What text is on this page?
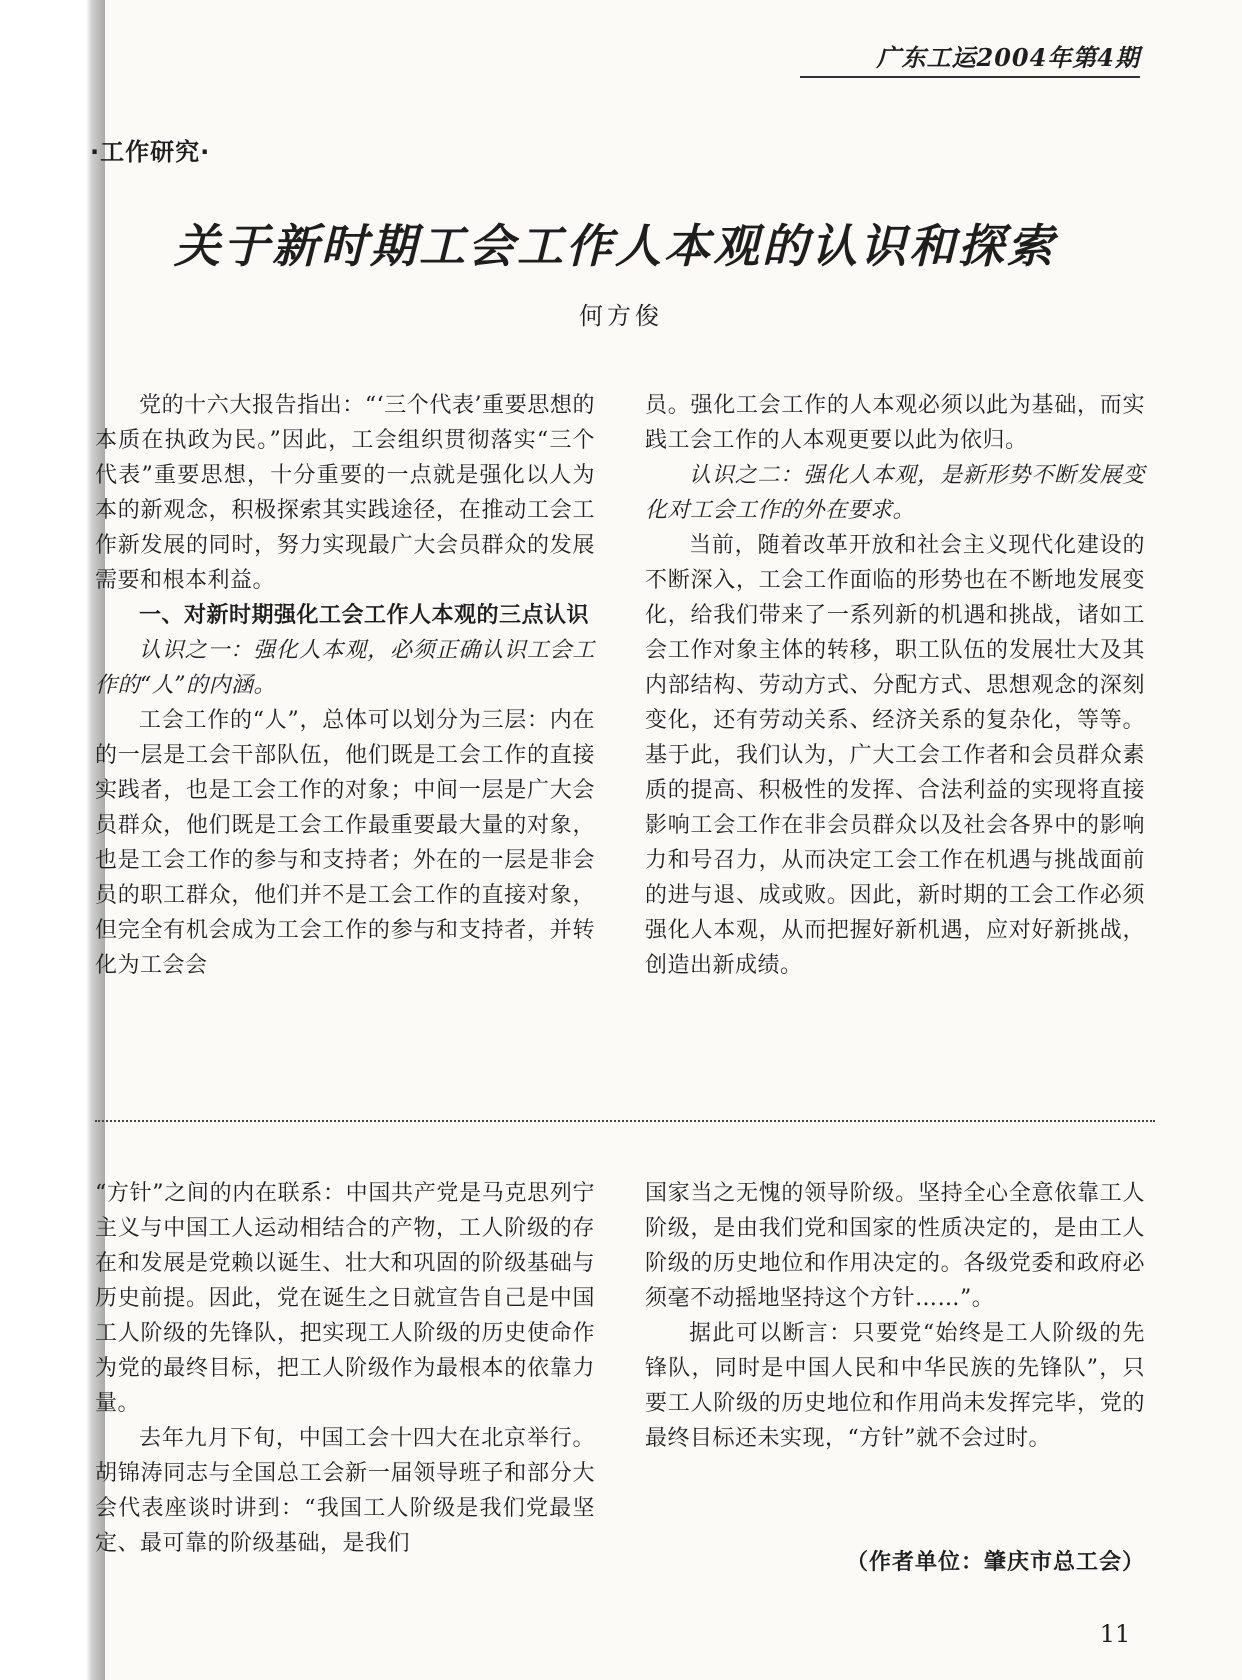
广东工运2004年第4期
·工作研究·
关于新时期工会工作人本观的认识和探索
何方俊

党的十六大报告指出：“‘三个代表’重要思想的本质在执政为民。”因此，工会组织贯彻落实“三个代表”重要思想，十分重要的一点就是强化以人为本的新观念，积极探索其实践途径，在推动工会工作新发展的同时，努力实现最广大会员群众的发展需要和根本利益。

一、对新时期强化工会工作人本观的三点认识

认识之一：强化人本观，必须正确认识工会工作的“人”的内涵。

工会工作的“人”，总体可以划分为三层：内在的一层是工会干部队伍，他们既是工会工作的直接实践者，也是工会工作的对象；中间一层是广大会员群众，他们既是工会工作最重要最大量的对象，也是工会工作的参与和支持者；外在的一层是非会员的职工群众，他们并不是工会工作的直接对象，但完全有机会成为工会工作的参与和支持者，并转化为工会会

员。强化工会工作的人本观必须以此为基础，而实践工会工作的人本观更要以此为依归。

认识之二：强化人本观，是新形势不断发展变化对工会工作的外在要求。

当前，随着改革开放和社会主义现代化建设的不断深入，工会工作面临的形势也在不断地发展变化，给我们带来了一系列新的机遇和挑战，诸如工会工作对象主体的转移，职工队伍的发展壮大及其内部结构、劳动方式、分配方式、思想观念的深刻变化，还有劳动关系、经济关系的复杂化，等等。基于此，我们认为，广大工会工作者和会员群众素质的提高、积极性的发挥、合法利益的实现将直接影响工会工作在非会员群众以及社会各界中的影响力和号召力，从而决定工会工作在机遇与挑战面前的进与退、成或败。因此，新时期的工会工作必须强化人本观，从而把握好新机遇，应对好新挑战，创造出新成绩。

“方针”之间的内在联系：中国共产党是马克思列宁主义与中国工人运动相结合的产物，工人阶级的存在和发展是党赖以诞生、壮大和巩固的阶级基础与历史前提。因此，党在诞生之日就宣告自己是中国工人阶级的先锋队，把实现工人阶级的历史使命作为党的最终目标，把工人阶级作为最根本的依靠力量。

去年九月下旬，中国工会十四大在北京举行。胡锦涛同志与全国总工会新一届领导班子和部分大会代表座谈时讲到：“我国工人阶级是我们党最坚定、最可靠的阶级基础，是我们

国家当之无愧的领导阶级。坚持全心全意依靠工人阶级，是由我们党和国家的性质决定的，是由工人阶级的历史地位和作用决定的。各级党委和政府必须毫不动摇地坚持这个方针……”。

据此可以断言：只要党“始终是工人阶级的先锋队，同时是中国人民和中华民族的先锋队”，只要工人阶级的历史地位和作用尚未发挥完毕，党的最终目标还未实现，“方针”就不会过时。

（作者单位：肇庆市总工会）
11
